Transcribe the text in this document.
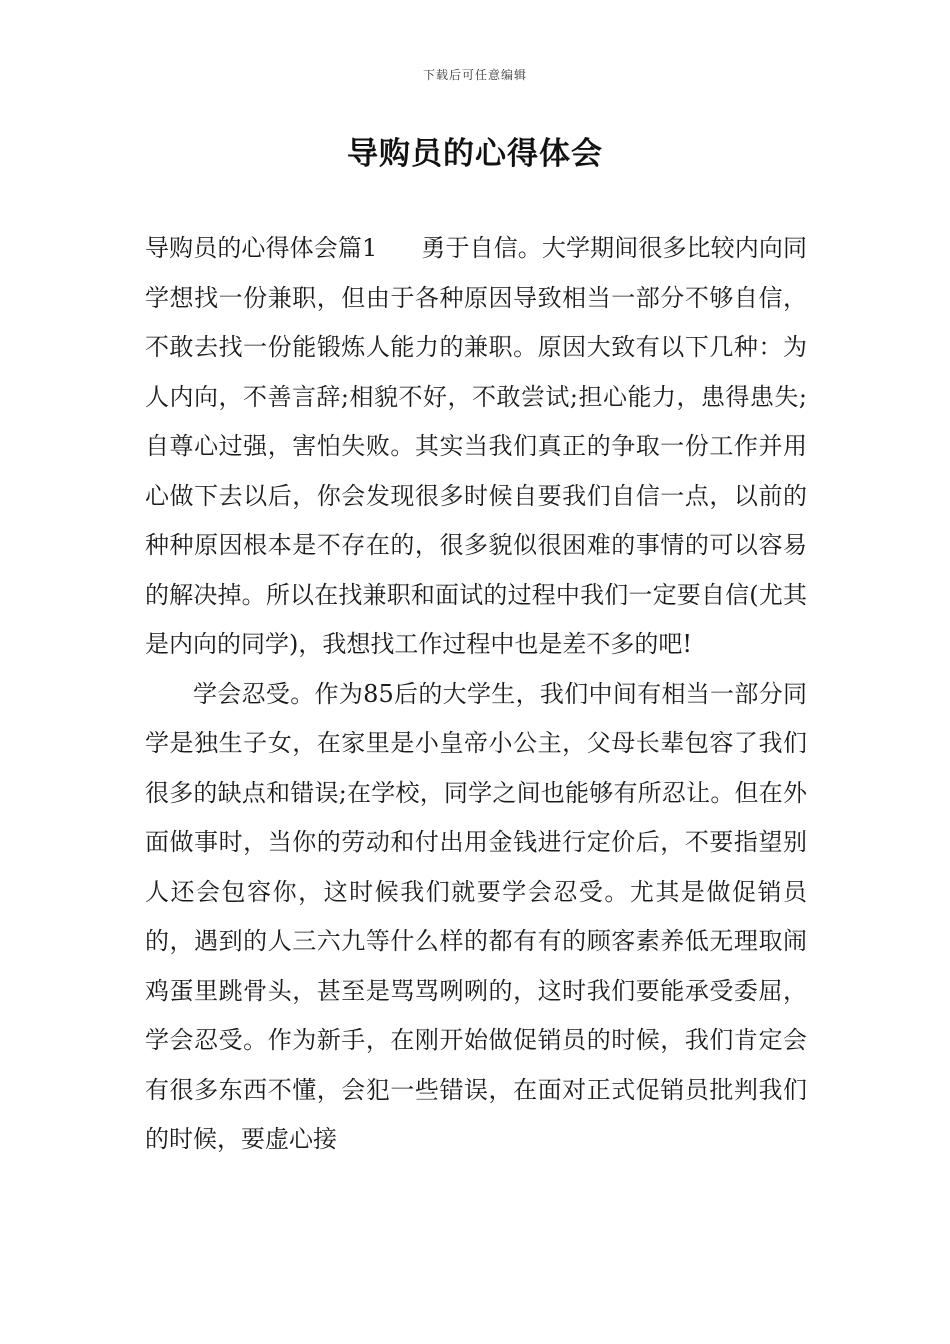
下载后可任意编辑
导购员的心得体会

导购员的心得体会篇1 勇于自信。大学期间很多比较内向同学想找一份兼职，但由于各种原因导致相当一部分不够自信，不敢去找一份能锻炼人能力的兼职。原因大致有以下几种：为人内向，不善言辞;相貌不好，不敢尝试;担心能力，患得患失;自尊心过强，害怕失败。其实当我们真正的争取一份工作并用心做下去以后，你会发现很多时候自要我们自信一点，以前的种种原因根本是不存在的，很多貌似很困难的事情的可以容易的解决掉。所以在找兼职和面试的过程中我们一定要自信(尤其是内向的同学)，我想找工作过程中也是差不多的吧!

学会忍受。作为85后的大学生，我们中间有相当一部分同学是独生子女，在家里是小皇帝小公主，父母长辈包容了我们很多的缺点和错误;在学校，同学之间也能够有所忍让。但在外面做事时，当你的劳动和付出用金钱进行定价后，不要指望别人还会包容你，这时候我们就要学会忍受。尤其是做促销员的，遇到的人三六九等什么样的都有有的顾客素养低无理取闹鸡蛋里跳骨头，甚至是骂骂咧咧的，这时我们要能承受委屈，学会忍受。作为新手，在刚开始做促销员的时候，我们肯定会有很多东西不懂，会犯一些错误，在面对正式促销员批判我们的时候，要虚心接
